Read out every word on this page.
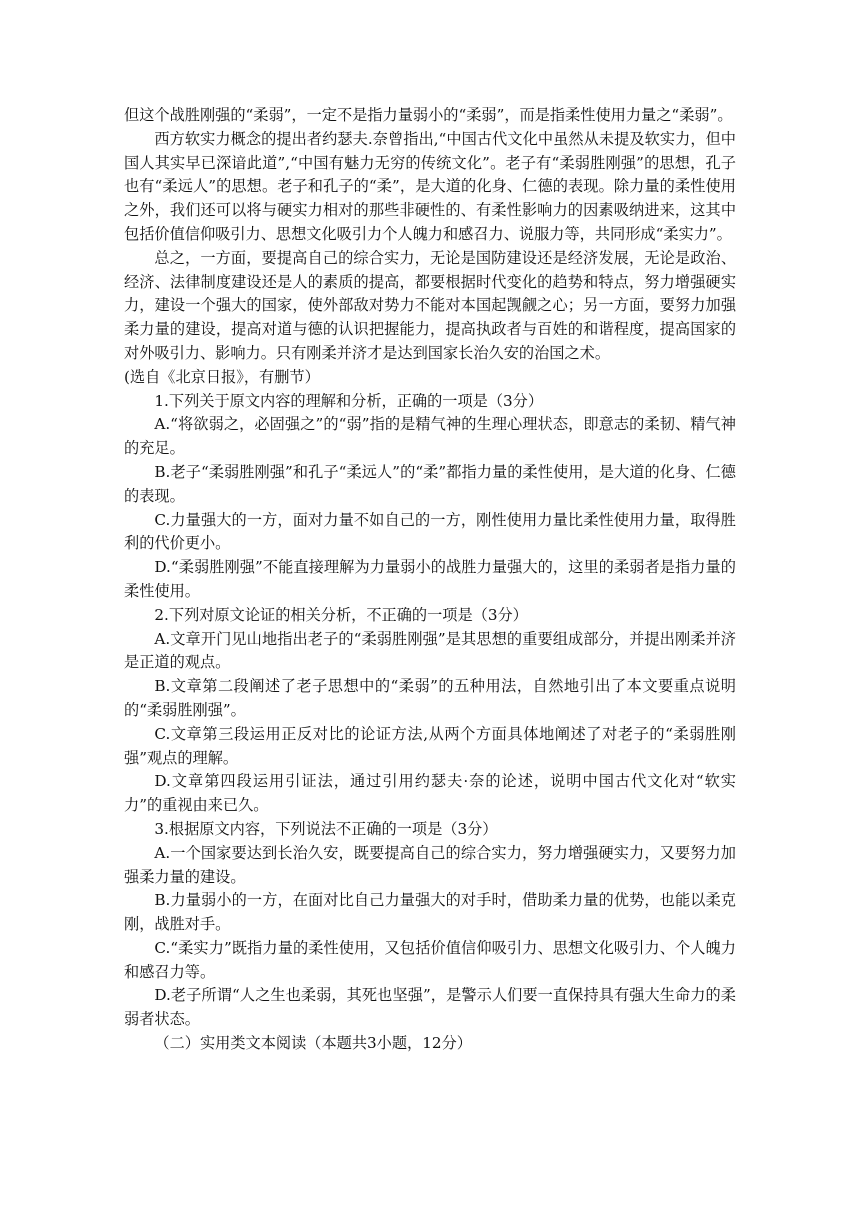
但这个战胜刚强的“柔弱”，一定不是指力量弱小的“柔弱”，而是指柔性使用力量之“柔弱”。

西方软实力概念的提出者约瑟夫.奈曾指出,“中国古代文化中虽然从未提及软实力，但中国人其实早已深谙此道”,“中国有魅力无穷的传统文化”。老子有“柔弱胜刚强”的思想，孔子也有“柔远人”的思想。老子和孔子的“柔”，是大道的化身、仁德的表现。除力量的柔性使用之外，我们还可以将与硬实力相对的那些非硬性的、有柔性影响力的因素吸纳进来，这其中包括价值信仰吸引力、思想文化吸引力个人魄力和感召力、说服力等，共同形成“柔实力”。

总之，一方面，要提高自己的综合实力，无论是国防建设还是经济发展，无论是政治、经济、法律制度建设还是人的素质的提高，都要根据时代变化的趋势和特点，努力增强硬实力，建设一个强大的国家，使外部敌对势力不能对本国起觊觎之心；另一方面，要努力加强柔力量的建设，提高对道与德的认识把握能力，提高执政者与百姓的和谐程度，提高国家的对外吸引力、影响力。只有刚柔并济才是达到国家长治久安的治国之术。

(选自《北京日报》，有删节）

1.下列关于原文内容的理解和分析，正确的一项是（3分）

A.“将欲弱之，必固强之”的“弱”指的是精气神的生理心理状态，即意志的柔韧、精气神的充足。

B.老子“柔弱胜刚强”和孔子“柔远人”的“柔”都指力量的柔性使用，是大道的化身、仁德的表现。

C.力量强大的一方，面对力量不如自己的一方，刚性使用力量比柔性使用力量，取得胜利的代价更小。

D.“柔弱胜刚强”不能直接理解为力量弱小的战胜力量强大的，这里的柔弱者是指力量的柔性使用。

2.下列对原文论证的相关分析，不正确的一项是（3分）

A.文章开门见山地指出老子的“柔弱胜刚强”是其思想的重要组成部分，并提出刚柔并济是正道的观点。

B.文章第二段阐述了老子思想中的“柔弱”的五种用法，自然地引出了本文要重点说明的“柔弱胜刚强”。

C.文章第三段运用正反对比的论证方法,从两个方面具体地阐述了对老子的“柔弱胜刚强”观点的理解。

D.文章第四段运用引证法，通过引用约瑟夫·奈的论述，说明中国古代文化对“软实力”的重视由来已久。

3.根据原文内容，下列说法不正确的一项是（3分）

A.一个国家要达到长治久安，既要提高自己的综合实力，努力增强硬实力，又要努力加强柔力量的建设。

B.力量弱小的一方，在面对比自己力量强大的对手时，借助柔力量的优势，也能以柔克刚，战胜对手。

C.“柔实力”既指力量的柔性使用，又包括价值信仰吸引力、思想文化吸引力、个人魄力和感召力等。

D.老子所谓“人之生也柔弱，其死也坚强”，是警示人们要一直保持具有强大生命力的柔弱者状态。

（二）实用类文本阅读（本题共3小题，12分）
